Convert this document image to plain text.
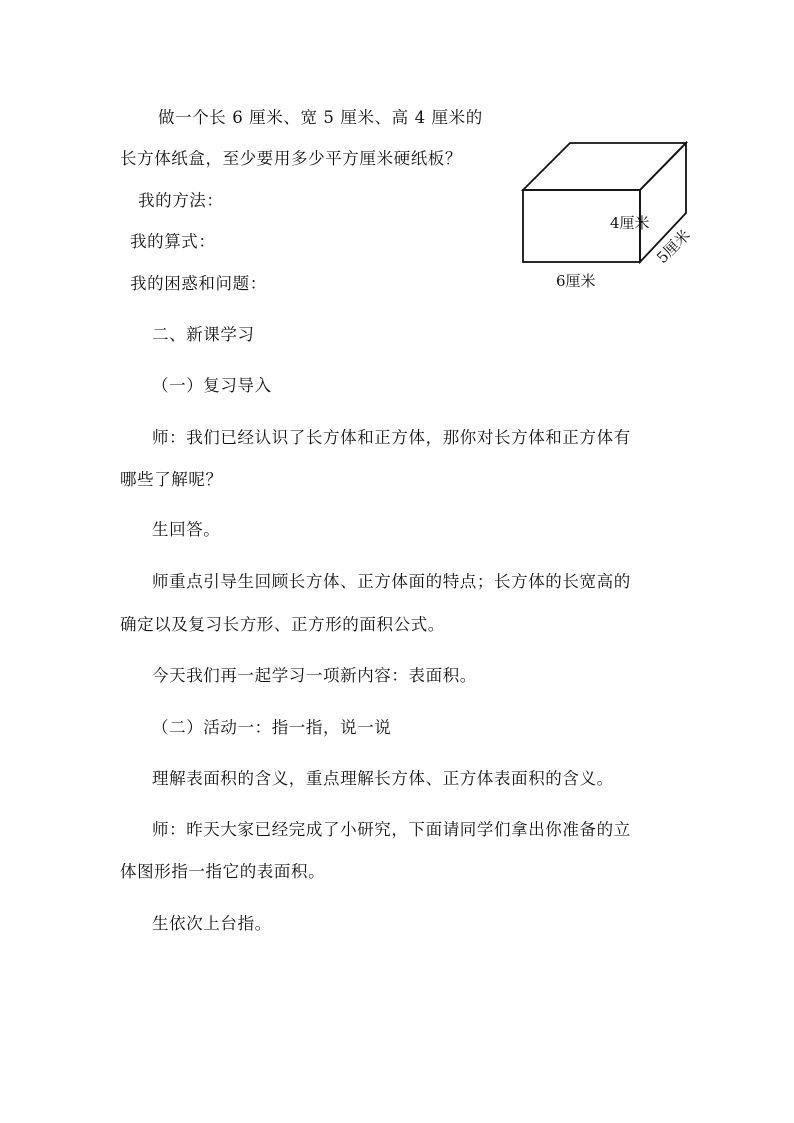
做一个长 6 厘米、宽 5 厘米、高 4 厘米的
长方体纸盒，至少要用多少平方厘米硬纸板？
我的方法：
我的算式：
我的困惑和问题：
4厘米
6厘米
5厘米
二、新课学习
（一）复习导入
师：我们已经认识了长方体和正方体，那你对长方体和正方体有
哪些了解呢？
生回答。
师重点引导生回顾长方体、正方体面的特点；长方体的长宽高的
确定以及复习长方形、正方形的面积公式。
今天我们再一起学习一项新内容：表面积。
（二）活动一：指一指，说一说
理解表面积的含义，重点理解长方体、正方体表面积的含义。
师：昨天大家已经完成了小研究，下面请同学们拿出你准备的立
体图形指一指它的表面积。
生依次上台指。
